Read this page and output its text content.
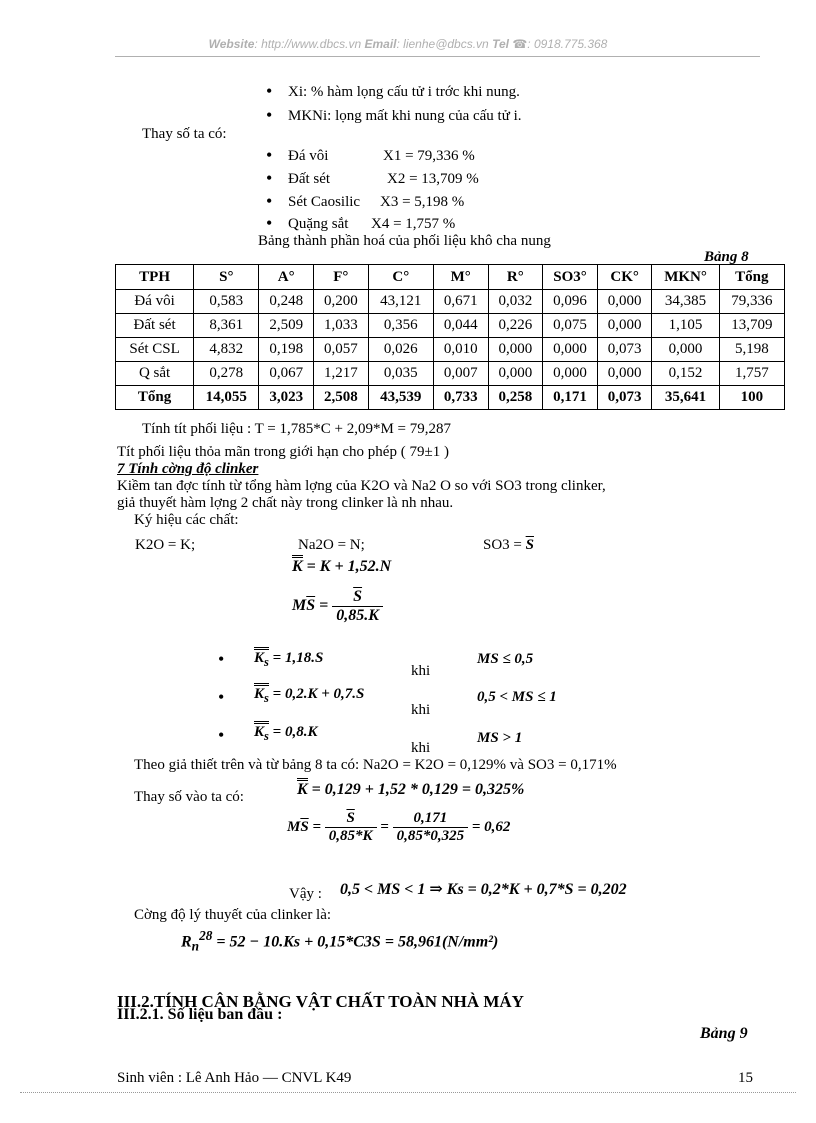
Website: http://www.dbcs.vn Email: lienhe@dbcs.vn Tel ☎: 0918.775.368
• Xi: % hàm lọng cấu tử i trớc khi nung.
• MKNi: lọng mất khi nung của cấu tử i.
Thay số ta có:
• Đá vôi	X1 = 79,336 %
• Đất sét	X2 = 13,709 %
• Sét Caosilic X3 = 5,198 %
• Quặng sắt X4 = 1,757 %
Bảng thành phần hoá của phối liệu khô cha nung
Bảng 8
TPH	S°	A°	F°	C°	M°	R°	SO3°	CK°	MKN°	Tổng
Đá vôi	0,583	0,248	0,200	43,121	0,671	0,032	0,096	0,000	34,385	79,336
Đất sét	8,361	2,509	1,033	0,356	0,044	0,226	0,075	0,000	1,105	13,709
Sét CSL	4,832	0,198	0,057	0,026	0,010	0,000	0,000	0,073	0,000	5,198
Q sắt	0,278	0,067	1,217	0,035	0,007	0,000	0,000	0,000	0,152	1,757
Tổng	14,055	3,023	2,508	43,539	0,733	0,258	0,171	0,073	35,641	100
Tính tít phối liệu : T = 1,785*C + 2,09*M = 79,287
Tít phối liệu thỏa mãn trong giới hạn cho phép ( 79±1 )
7 Tính cờng độ clinker
Kiềm tan đợc tính từ tổng hàm lợng của K2O và Na2 O so với SO3 trong clinker,
giả thuyết hàm lợng 2 chất này trong clinker là nh nhau.
Ký hiệu các chất:
K2O = K;	Na2O = N;	$SO3 = \overline{S}$
K = K + 1,52.N
$M\overline{S} = \frac{\overline{S}}{0,85.K}$
$K_s = 1,18.S$
khi
MS ≤ 0,5
$K_s = 0,2.K + 0,7.S$
khi
0,5 < MS ≤ 1
$K_s = 0,8.K$
khi
MS > 1
Theo giả thiết trên và từ bảng 8 ta có: Na2O = K2O = 0,129% và SO3 = 0,171%
Thay số vào ta có:	K = 0,129 + 1,52 * 0,129 = 0,325%
$M\overline{S} = \frac{\overline{S}}{0,85*K} = \frac{0,171}{0,85*0,325} = 0,62$
Vậy : 0,5 < MS < 1 ⇒ Ks = 0,2*K + 0,7*S = 0,202
Cờng độ lý thuyết của clinker là:
$R_n^{28} = 52 - 10.Ks + 0,15*C3S = 58,961(N/mm^2)$
III.2.TÍNH CÂN BẰNG VẬT CHẤT TOÀN NHÀ MÁY
III.2.1. Số liệu ban đầu :
Bảng 9
Sinh viên : Lê Anh Hảo — CNVL K49	15
